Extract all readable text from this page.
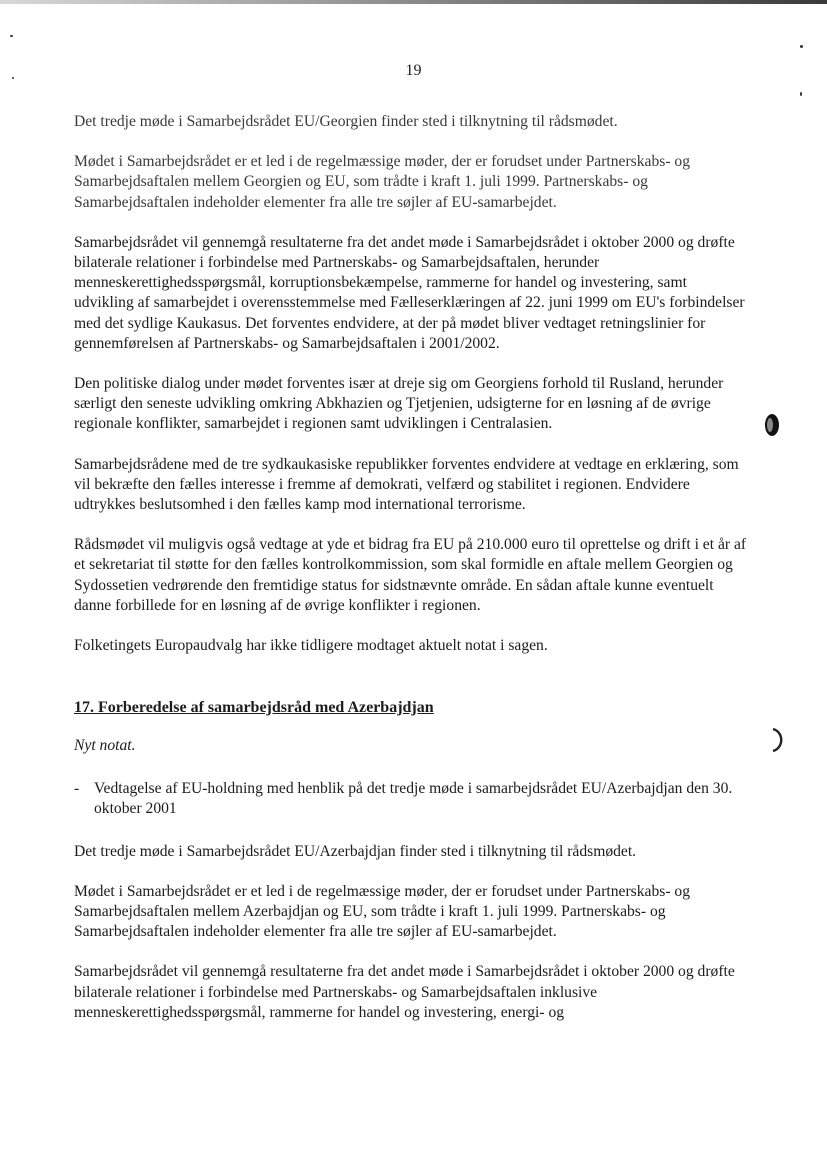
19
Det tredje møde i Samarbejdsrådet EU/Georgien finder sted i tilknytning til rådsmødet.
Mødet i Samarbejdsrådet er et led i de regelmæssige møder, der er forudset under Partnerskabs- og Samarbejdsaftalen mellem Georgien og EU, som trådte i kraft 1. juli 1999. Partnerskabs- og Samarbejdsaftalen indeholder elementer fra alle tre søjler af EU-samarbejdet.
Samarbejdsrådet vil gennemgå resultaterne fra det andet møde i Samarbejdsrådet i oktober 2000 og drøfte bilaterale relationer i forbindelse med Partnerskabs- og Samarbejdsaftalen, herunder menneskerettighedsspørgsmål, korruptionsbekæmpelse, rammerne for handel og investering, samt udvikling af samarbejdet i overensstemmelse med Fælleserklæringen af 22. juni 1999 om EU's forbindelser med det sydlige Kaukasus. Det forventes endvidere, at der på mødet bliver vedtaget retningslinier for gennemførelsen af Partnerskabs- og Samarbejdsaftalen i 2001/2002.
Den politiske dialog under mødet forventes især at dreje sig om Georgiens forhold til Rusland, herunder særligt den seneste udvikling omkring Abkhazien og Tjetjenien, udsigterne for en løsning af de øvrige regionale konflikter, samarbejdet i regionen samt udviklingen i Centralasien.
Samarbejdsrådene med de tre sydkaukasiske republikker forventes endvidere at vedtage en erklæring, som vil bekræfte den fælles interesse i fremme af demokrati, velfærd og stabilitet i regionen. Endvidere udtrykkes beslutsomhed i den fælles kamp mod international terrorisme.
Rådsmødet vil muligvis også vedtage at yde et bidrag fra EU på 210.000 euro til oprettelse og drift i et år af et sekretariat til støtte for den fælles kontrolkommission, som skal formidle en aftale mellem Georgien og Sydossetien vedrørende den fremtidige status for sidstnævnte område. En sådan aftale kunne eventuelt danne forbillede for en løsning af de øvrige konflikter i regionen.
Folketingets Europaudvalg har ikke tidligere modtaget aktuelt notat i sagen.
17. Forberedelse af samarbejdsråd med Azerbajdjan
Nyt notat.
- Vedtagelse af EU-holdning med henblik på det tredje møde i samarbejdsrådet EU/Azerbajdjan den 30. oktober 2001
Det tredje møde i Samarbejdsrådet EU/Azerbajdjan finder sted i tilknytning til rådsmødet.
Mødet i Samarbejdsrådet er et led i de regelmæssige møder, der er forudset under Partnerskabs- og Samarbejdsaftalen mellem Azerbajdjan og EU, som trådte i kraft 1. juli 1999. Partnerskabs- og Samarbejdsaftalen indeholder elementer fra alle tre søjler af EU-samarbejdet.
Samarbejdsrådet vil gennemgå resultaterne fra det andet møde i Samarbejdsrådet i oktober 2000 og drøfte bilaterale relationer i forbindelse med Partnerskabs- og Samarbejdsaftalen inklusive menneskerettighedsspørgsmål, rammerne for handel og investering, energi- og
